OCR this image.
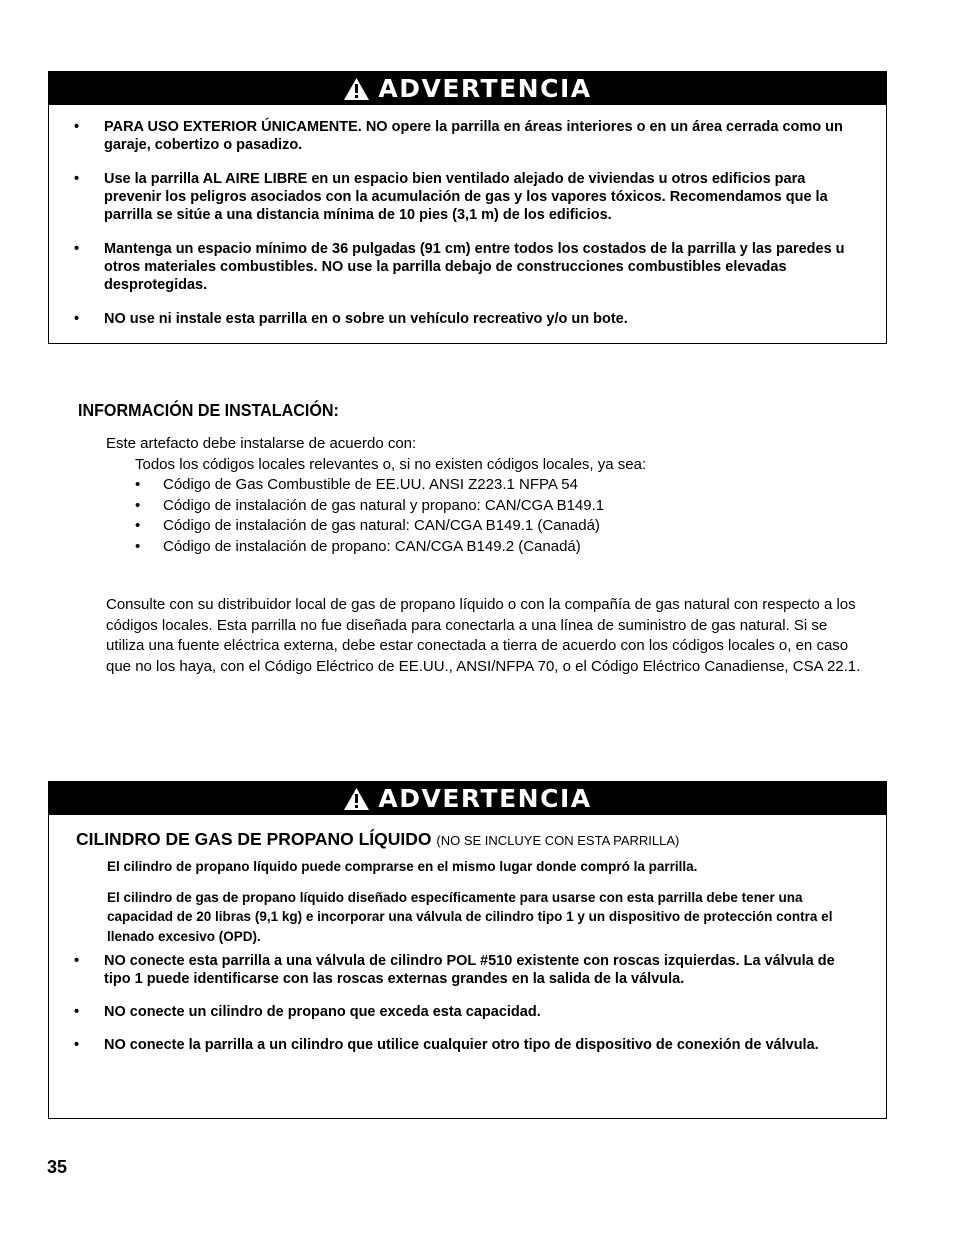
ADVERTENCIA
• PARA USO EXTERIOR ÚNICAMENTE. NO opere la parrilla en áreas interiores o en un área cerrada como un garaje, cobertizo o pasadizo.
• Use la parrilla AL AIRE LIBRE en un espacio bien ventilado alejado de viviendas u otros edificios para prevenir los peligros asociados con la acumulación de gas y los vapores tóxicos. Recomendamos que la parrilla se sitúe a una distancia mínima de 10 pies (3,1 m) de los edificios.
• Mantenga un espacio mínimo de 36 pulgadas (91 cm) entre todos los costados de la parrilla y las paredes u otros materiales combustibles. NO use la parrilla debajo de construcciones combustibles elevadas desprotegidas.
• NO use ni instale esta parrilla en o sobre un vehículo recreativo y/o un bote.
INFORMACIÓN DE INSTALACIÓN:

Este artefacto debe instalarse de acuerdo con:

Todos los códigos locales relevantes o, si no existen códigos locales, ya sea:

• Código de Gas Combustible de EE.UU. ANSI Z223.1 NFPA 54
• Código de instalación de gas natural y propano: CAN/CGA B149.1
• Código de instalación de gas natural: CAN/CGA B149.1 (Canadá)
• Código de instalación de propano: CAN/CGA B149.2 (Canadá)

Consulte con su distribuidor local de gas de propano líquido o con la compañía de gas natural con respecto a los códigos locales. Esta parrilla no fue diseñada para conectarla a una línea de suministro de gas natural. Si se utiliza una fuente eléctrica externa, debe estar conectada a tierra de acuerdo con los códigos locales o, en caso que no los haya, con el Código Eléctrico de EE.UU., ANSI/NFPA 70, o el Código Eléctrico Canadiense, CSA 22.1.

ADVERTENCIA
CILINDRO DE GAS DE PROPANO LÍQUIDO (NO SE INCLUYE CON ESTA PARRILLA)

El cilindro de propano líquido puede comprarse en el mismo lugar donde compró la parrilla.

El cilindro de gas de propano líquido diseñado específicamente para usarse con esta parrilla debe tener una capacidad de 20 libras (9,1 kg) e incorporar una válvula de cilindro tipo 1 y un dispositivo de protección contra el llenado excesivo (OPD).

• NO conecte esta parrilla a una válvula de cilindro POL #510 existente con roscas izquierdas. La válvula de tipo 1 puede identificarse con las roscas externas grandes en la salida de la válvula.
• NO conecte un cilindro de propano que exceda esta capacidad.
• NO conecte la parrilla a un cilindro que utilice cualquier otro tipo de dispositivo de conexión de válvula.
35
